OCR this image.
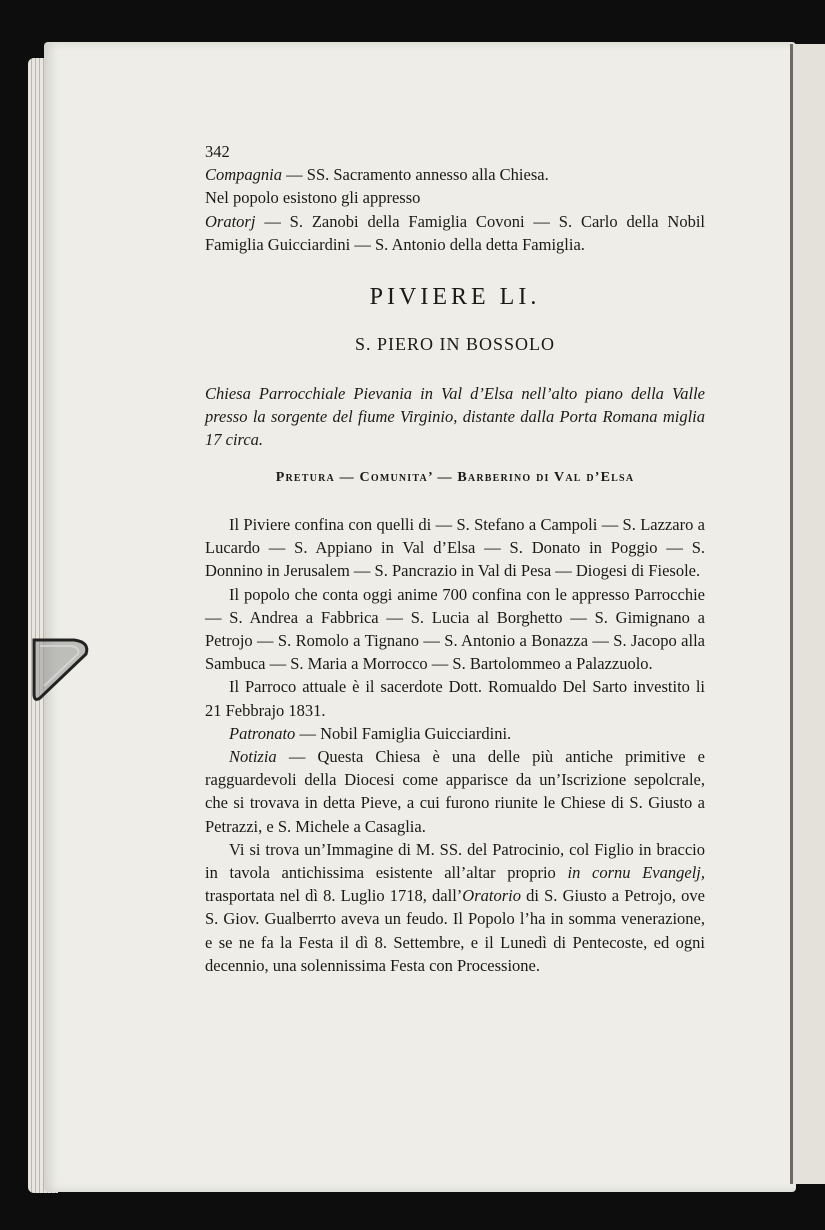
342

Compagnia — SS. Sacramento annesso alla Chiesa.

Nel popolo esistono gli appresso

Oratorj — S. Zanobi della Famiglia Covoni — S. Carlo della Nobil Famiglia Guicciardini — S. Antonio della detta Famiglia.

PIVIERE LI.
S. PIERO IN BOSSOLO

Chiesa Parrocchiale Pievania in Val d’Elsa nell’alto piano della Valle presso la sorgente del fiume Virginio, distante dalla Porta Romana miglia 17 circa.

Pretura — Comunita’ — Barberino di Val d’Elsa

Il Piviere confina con quelli di — S. Stefano a Campoli — S. Lazzaro a Lucardo — S. Appiano in Val d’Elsa — S. Donato in Poggio — S. Donnino in Jerusalem — S. Pancrazio in Val di Pesa — Diogesi di Fiesole.

Il popolo che conta oggi anime 700 confina con le appresso Parrocchie — S. Andrea a Fabbrica — S. Lucia al Borghetto — S. Gimignano a Petrojo — S. Romolo a Tignano — S. Antonio a Bonazza — S. Jacopo alla Sambuca — S. Maria a Morrocco — S. Bartolommeo a Palazzuolo.

Il Parroco attuale è il sacerdote Dott. Romualdo Del Sarto investito li 21 Febbrajo 1831.

Patronato — Nobil Famiglia Guicciardini.

Notizia — Questa Chiesa è una delle più antiche primitive e ragguardevoli della Diocesi come apparisce da un’Iscrizione sepolcrale, che si trovava in detta Pieve, a cui furono riunite le Chiese di S. Giusto a Petrazzi, e S. Michele a Casaglia.

Vi si trova un’Immagine di M. SS. del Patrocinio, col Figlio in braccio in tavola antichissima esistente all’altar proprio in cornu Evangelj, trasportata nel dì 8. Luglio 1718, dall’Oratorio di S. Giusto a Petrojo, ove S. Giov. Gualberrto aveva un feudo. Il Popolo l’ha in somma venerazione, e se ne fa la Festa il dì 8. Settembre, e il Lunedì di Pentecoste, ed ogni decennio, una solennissima Festa con Processione.
